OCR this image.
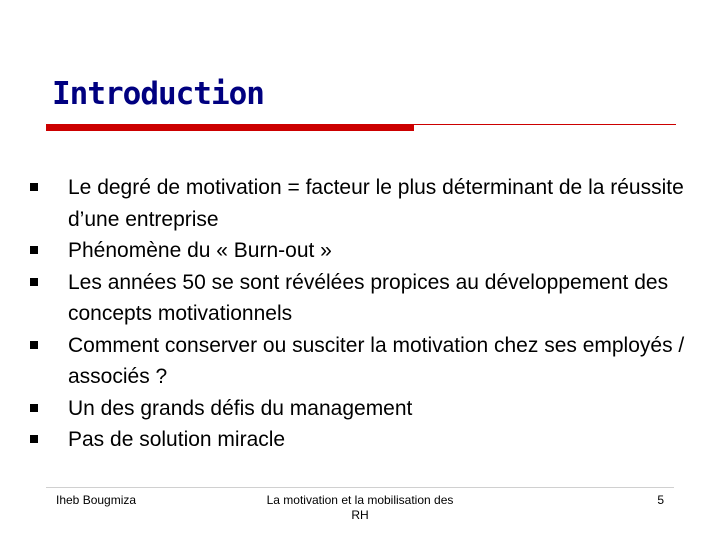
Introduction
Le degré de motivation = facteur le plus déterminant de la réussite d’une entreprise
Phénomène du « Burn-out »
Les années 50 se sont révélées propices au développement des concepts motivationnels
Comment conserver ou susciter la motivation chez ses employés / associés ?
Un des grands défis du management
Pas de solution miracle
Iheb Bougmiza	La motivation et la mobilisation des RH
5
